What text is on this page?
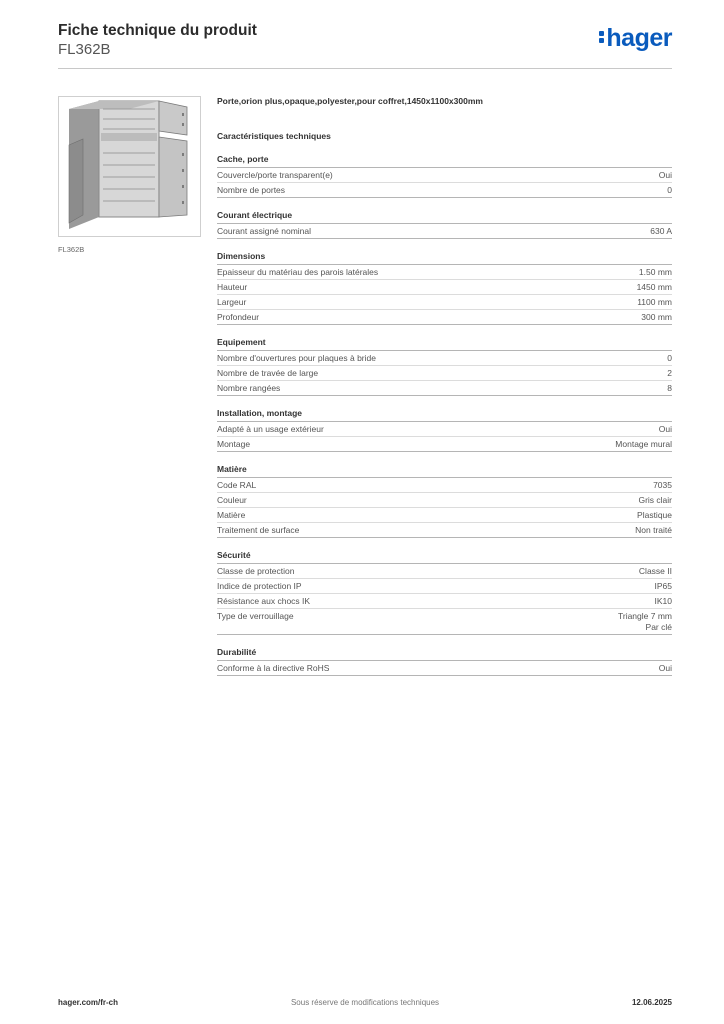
Fiche technique du produit
FL362B	hager
FL362B
Porte,orion plus,opaque,polyester,pour coffret,1450x1100x300mm
Caractéristiques techniques
Cache, porte
Couvercle/porte transparent(e)	Oui
Nombre de portes	0
Courant électrique
Courant assigné nominal	630 A
Dimensions
Epaisseur du matériau des parois latérales	1.50 mm
Hauteur	1450 mm
Largeur	1100 mm
Profondeur	300 mm
Equipement
Nombre d'ouvertures pour plaques à bride	0
Nombre de travée de large	2
Nombre rangées	8
Installation, montage
Adapté à un usage extérieur	Oui
Montage	Montage mural
Matière
Code RAL	7035
Couleur	Gris clair
Matière	Plastique
Traitement de surface	Non traité
Sécurité
Classe de protection	Classe II
Indice de protection IP	IP65
Résistance aux chocs IK	IK10
Type de verrouillage	Triangle 7 mm
Par clé
Durabilité
Conforme à la directive RoHS	Oui
hager.com/fr-ch	Sous réserve de modifications techniques	12.06.2025
